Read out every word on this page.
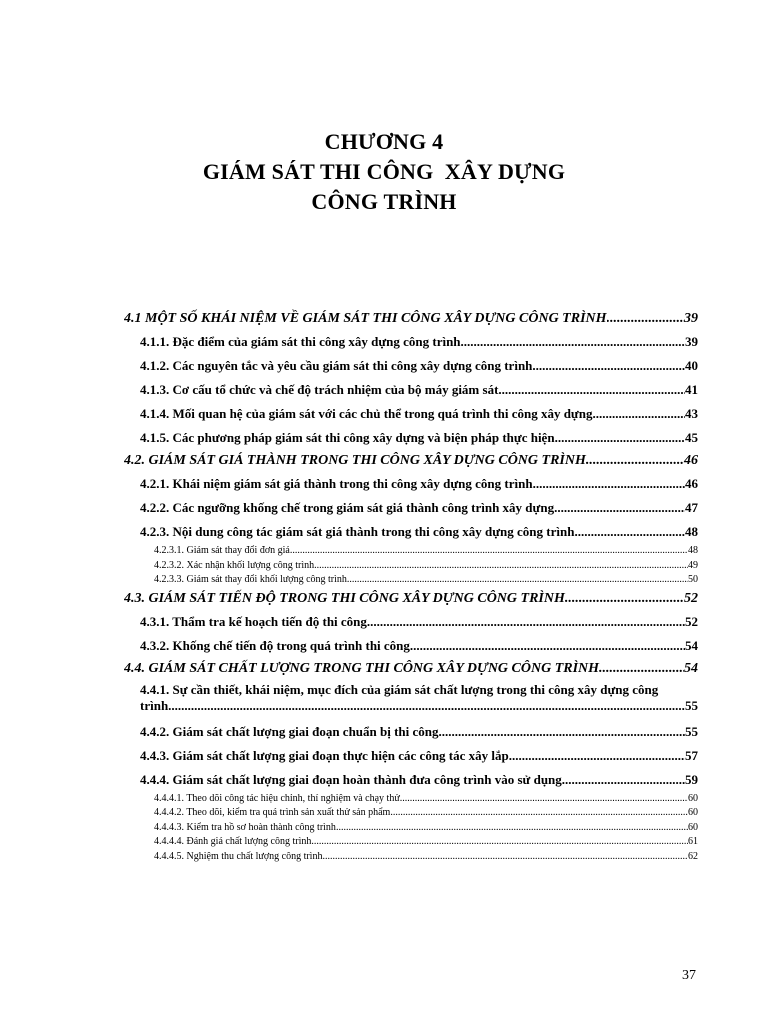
CHƯƠNG 4
GIÁM SÁT THI CÔNG  XÂY DỰNG
CÔNG TRÌNH
4.1 MỘT SỐ KHÁI NIỆM VỀ GIÁM SÁT THI CÔNG XÂY DỰNG CÔNG TRÌNH .....	39
4.1.1. Đặc điểm của giám sát thi công xây dựng công trình .....	39
4.1.2. Các nguyên tắc và yêu cầu giám sát thi công xây dựng công trình .....	40
4.1.3. Cơ cấu tổ chức và chế độ trách nhiệm của bộ máy giám sát .....	41
4.1.4. Mối quan hệ của giám sát với các chủ thể trong quá trình thi công xây dựng .....	43
4.1.5. Các phương pháp giám sát thi công xây dựng và biện pháp thực hiện .....	45
4.2. GIÁM SÁT GIÁ THÀNH TRONG THI CÔNG XÂY DỰNG CÔNG TRÌNH .....	46
4.2.1. Khái niệm giám sát giá thành trong thi công xây dựng công trình .....	46
4.2.2. Các ngưỡng khống chế trong giám sát giá thành công trình xây dựng .....	47
4.2.3. Nội dung công tác giám sát giá thành trong thi công xây dựng công trình .....	48
4.2.3.1. Giám sát thay đổi đơn giá .....	48
4.2.3.2. Xác nhận khối lượng công trình .....	49
4.2.3.3. Giám sát thay đổi khối lượng công trình .....	50
4.3. GIÁM SÁT TIẾN ĐỘ TRONG THI CÔNG XÂY DỰNG CÔNG TRÌNH .....	52
4.3.1. Thẩm tra kế hoạch tiến độ thi công .....	52
4.3.2. Khống chế tiến độ trong quá trình thi công .....	54
4.4. GIÁM SÁT CHẤT LƯỢNG TRONG THI CÔNG XÂY DỰNG CÔNG TRÌNH .....	54
4.4.1. Sự cần thiết, khái niệm, mục đích của giám sát chất lượng trong thi công xây dựng công
trình .....	55
4.4.2. Giám sát chất lượng giai đoạn chuẩn bị thi công .....	55
4.4.3. Giám sát chất lượng giai đoạn thực hiện các công tác xây lắp .....	57
4.4.4. Giám sát chất lượng giai đoạn hoàn thành đưa công trình vào sử dụng .....	59
4.4.4.1. Theo dõi công tác hiệu chỉnh, thí nghiệm và chạy thử .....	60
4.4.4.2. Theo dõi, kiểm tra quá trình sản xuất thử sản phẩm .....	60
4.4.4.3. Kiểm tra hồ sơ hoàn thành công trình .....	60
4.4.4.4. Đánh giá chất lượng công trình .....	61
4.4.4.5. Nghiệm thu chất lượng công trình .....	62
37
